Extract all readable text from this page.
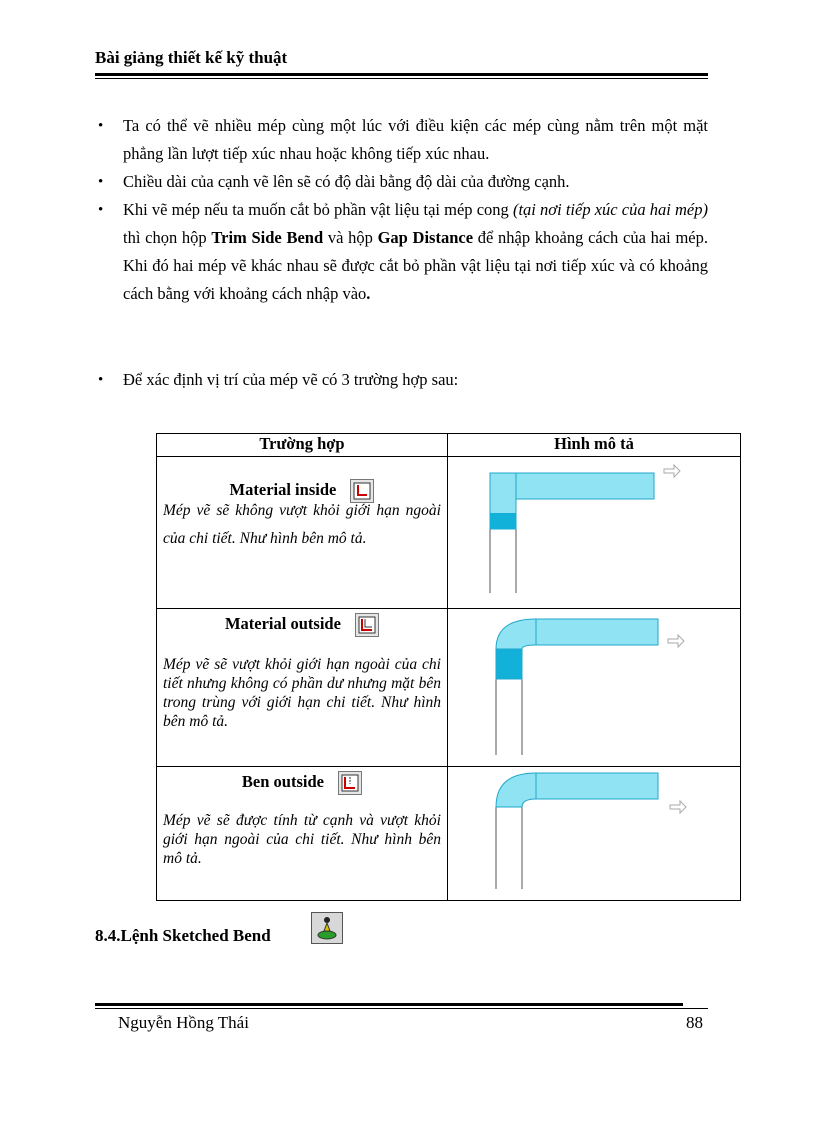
Bài giảng thiết kế kỹ thuật
• Ta có thể vẽ nhiều mép cùng một lúc với điều kiện các mép cùng nằm trên một mặt phẳng lần lượt tiếp xúc nhau hoặc không tiếp xúc nhau.
• Chiều dài của cạnh vẽ lên sẽ có độ dài bằng độ dài của đường cạnh.
• Khi vẽ mép nếu ta muốn cắt bỏ phần vật liệu tại mép cong (tại nơi tiếp xúc của hai mép) thì chọn hộp Trim Side Bend và hộp Gap Distance để nhập khoảng cách của hai mép. Khi đó hai mép vẽ khác nhau sẽ được cắt bỏ phần vật liệu tại nơi tiếp xúc và có khoảng cách bằng với khoảng cách nhập vào.
• Để xác định vị trí của mép vẽ có 3 trường hợp sau:
Trường hợp	Hình mô tả

Material inside
Mép vẽ sẽ không vượt khỏi giới hạn ngoài của chi tiết. Như hình bên mô tả.

Material outside
Mép vẽ sẽ vượt khỏi giới hạn ngoài của chi tiết nhưng không có phần dư nhưng mặt bên trong trùng với giới hạn chi tiết. Như hình bên mô tả.

Ben outside
Mép vẽ sẽ được tính từ cạnh và vượt khỏi giới hạn ngoài của chi tiết. Như hình bên mô tả.

8.4.Lệnh Sketched Bend
Nguyễn Hồng Thái	88
